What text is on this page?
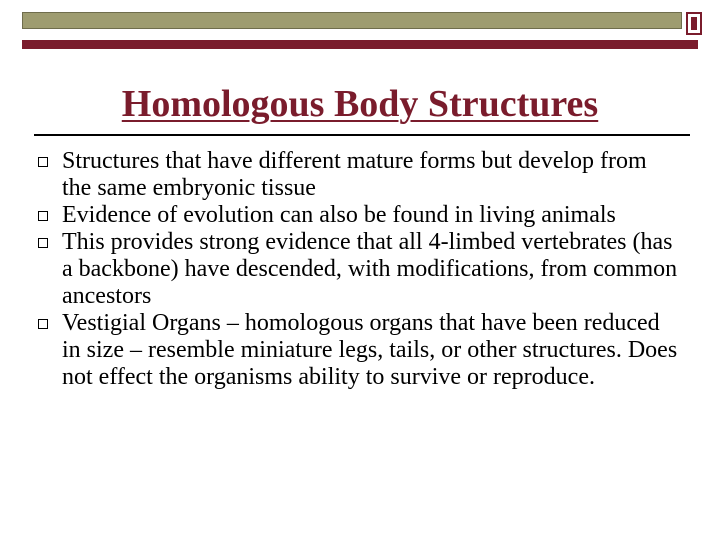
Homologous Body Structures
Structures that have different mature forms but develop from the same embryonic tissue
Evidence of evolution can also be found in living animals
This provides strong evidence that all 4-limbed vertebrates (has a backbone) have descended, with modifications, from common ancestors
Vestigial Organs – homologous organs that have been reduced in size – resemble miniature legs, tails, or other structures. Does not effect the organisms ability to survive or reproduce.
